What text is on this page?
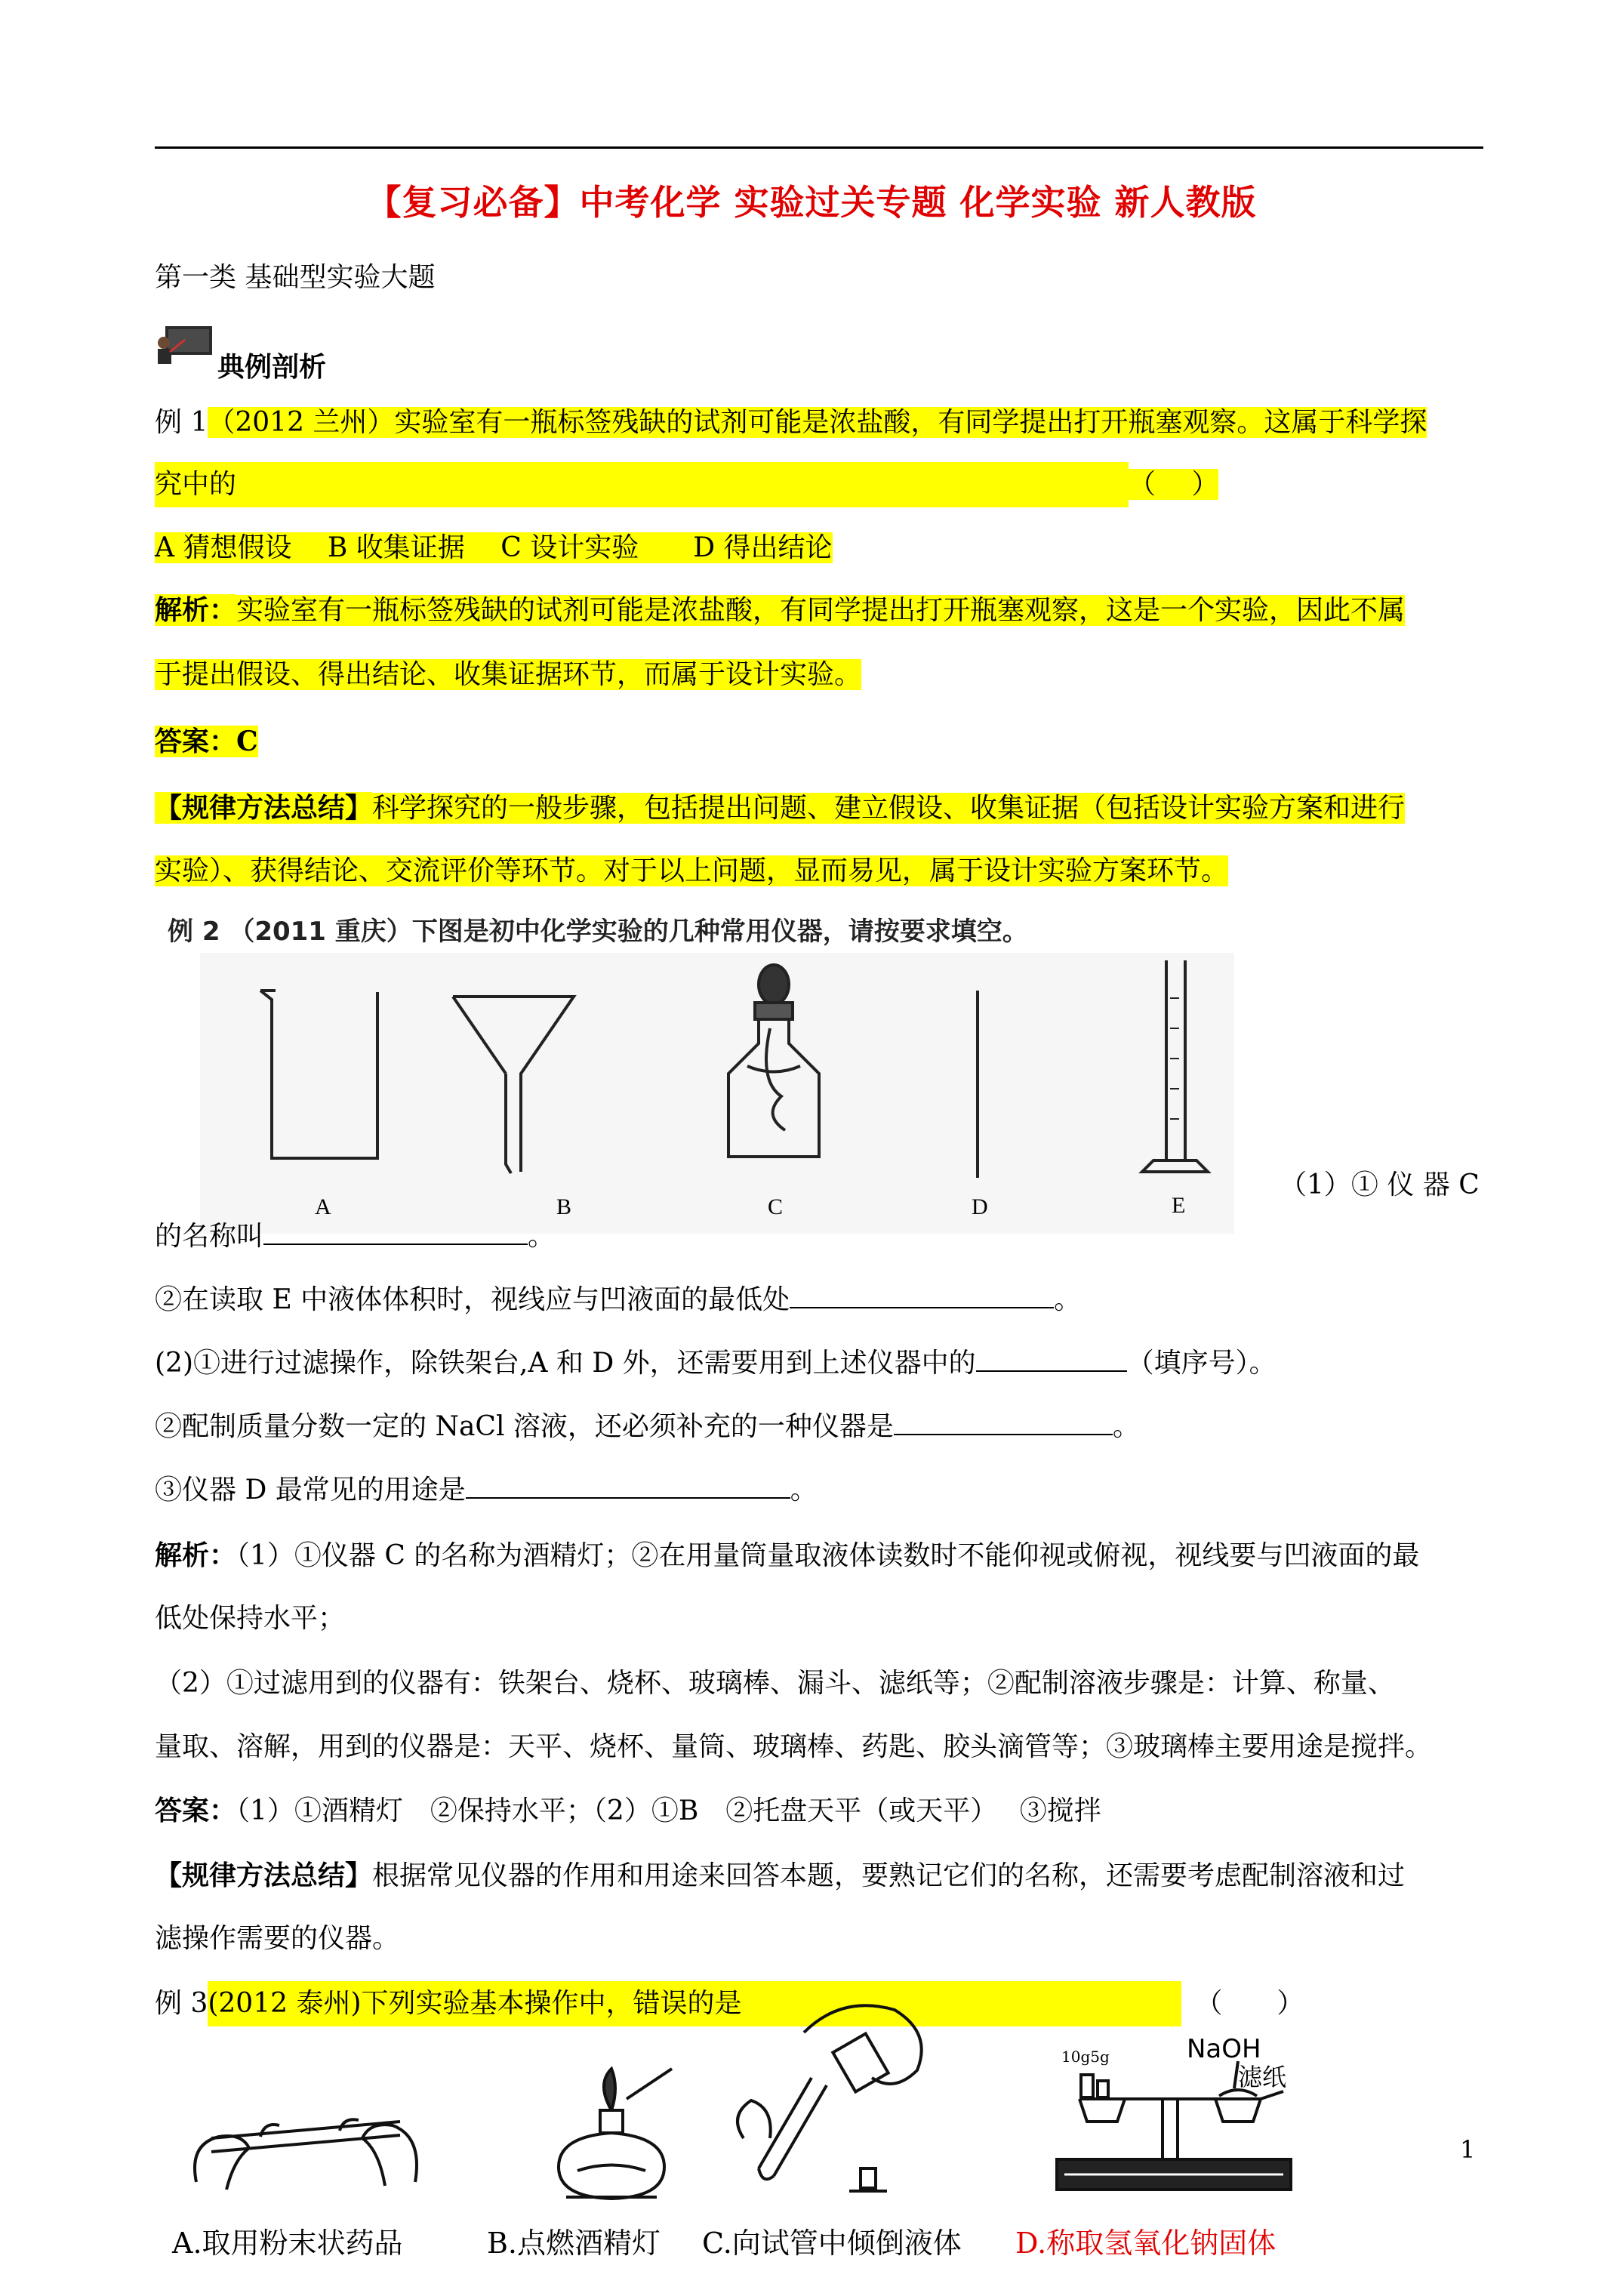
【复习必备】中考化学 实验过关专题 化学实验 新人教版
第一类 基础型实验大题
典例剖析
例 1（2012 兰州）实验室有一瓶标签残缺的试剂可能是浓盐酸，有同学提出打开瓶塞观察。这属于科学探
究中的	（　 ）
A 猜想假设　 B 收集证据　 C 设计实验　　D 得出结论
解析：实验室有一瓶标签残缺的试剂可能是浓盐酸，有同学提出打开瓶塞观察，这是一个实验，因此不属
于提出假设、得出结论、收集证据环节，而属于设计实验。
答案：C
【规律方法总结】科学探究的一般步骤，包括提出问题、建立假设、收集证据（包括设计实验方案和进行
实验）、获得结论、交流评价等环节。对于以上问题，显而易见，属于设计实验方案环节。
例 2 （2011 重庆）下图是初中化学实验的几种常用仪器，请按要求填空。
A	B	C	D	E
（1）① 仪 器 C
的名称叫	。
②在读取 E 中液体体积时，视线应与凹液面的最低处	。
(2)①进行过滤操作，除铁架台,A 和 D 外，还需要用到上述仪器中的	（填序号）。
②配制质量分数一定的 NaCl 溶液，还必须补充的一种仪器是	。
③仪器 D 最常见的用途是	。
解析：（1）①仪器 C 的名称为酒精灯；②在用量筒量取液体读数时不能仰视或俯视，视线要与凹液面的最
低处保持水平；
（2）①过滤用到的仪器有：铁架台、烧杯、玻璃棒、漏斗、滤纸等；②配制溶液步骤是：计算、称量、
量取、溶解，用到的仪器是：天平、烧杯、量筒、玻璃棒、药匙、胶头滴管等；③玻璃棒主要用途是搅拌。
答案：（1）①酒精灯　②保持水平；（2）①B　②托盘天平（或天平）　 ③搅拌
【规律方法总结】根据常见仪器的作用和用途来回答本题，要熟记它们的名称，还需要考虑配制溶液和过
滤操作需要的仪器。
例 3(2012 泰州)下列实验基本操作中，错误的是	（　　）
10g5g	NaOH
滤纸
1
A.取用粉末状药品	B.点燃酒精灯 C.向试管中倾倒液体 D.称取氢氧化钠固体
